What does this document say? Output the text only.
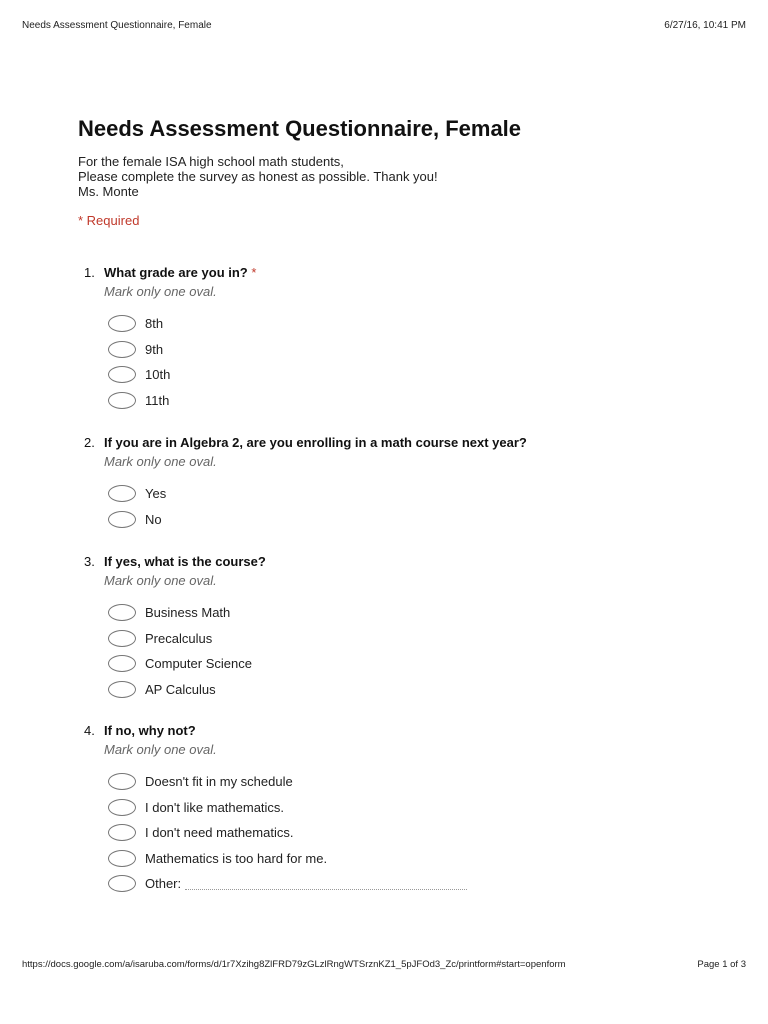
Needs Assessment Questionnaire, Female	6/27/16, 10:41 PM
Needs Assessment Questionnaire, Female
For the female ISA high school math students,
Please complete the survey as honest as possible. Thank you!
Ms. Monte
* Required
1. What grade are you in? *
Mark only one oval.
8th
9th
10th
11th
2. If you are in Algebra 2, are you enrolling in a math course next year?
Mark only one oval.
Yes
No
3. If yes, what is the course?
Mark only one oval.
Business Math
Precalculus
Computer Science
AP Calculus
4. If no, why not?
Mark only one oval.
Doesn't fit in my schedule
I don't like mathematics.
I don't need mathematics.
Mathematics is too hard for me.
Other:
https://docs.google.com/a/isaruba.com/forms/d/1r7Xzihg8ZlFRD79zGLzlRngWTSrznKZ1_5pJFOd3_Zc/printform#start=openform	Page 1 of 3
